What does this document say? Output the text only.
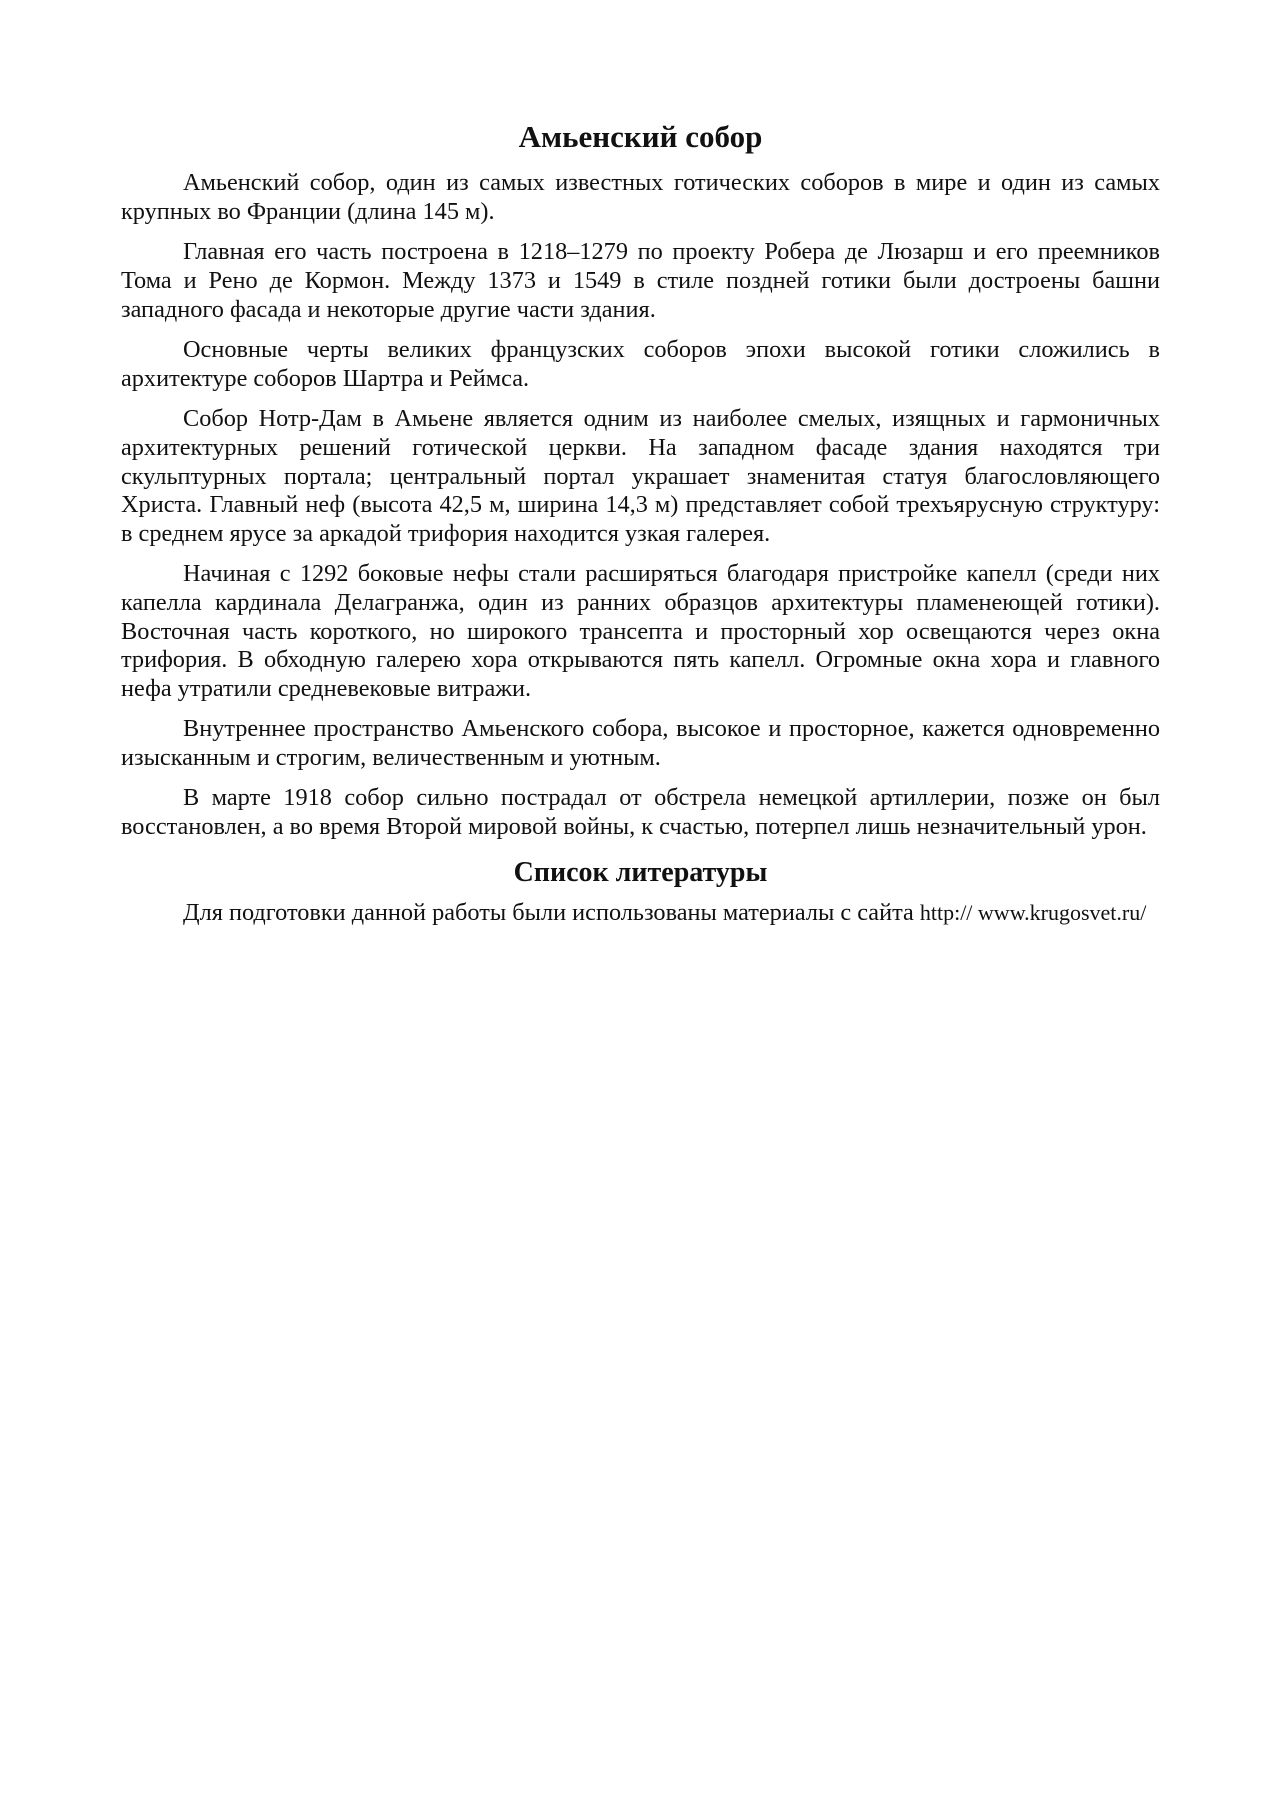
Амьенский собор

Амьенский собор, один из самых известных готических соборов в мире и один из самых крупных во Франции (длина 145 м).

Главная его часть построена в 1218–1279 по проекту Робера де Люзарш и его преемников Тома и Рено де Кормон. Между 1373 и 1549 в стиле поздней готики были достроены башни западного фасада и некоторые другие части здания.

Основные черты великих французских соборов эпохи высокой готики сложились в архитектуре соборов Шартра и Реймса.

Собор Нотр-Дам в Амьене является одним из наиболее смелых, изящных и гармоничных архитектурных решений готической церкви. На западном фасаде здания находятся три скульптурных портала; центральный портал украшает знаменитая статуя благословляющего Христа. Главный неф (высота 42,5 м, ширина 14,3 м) представляет собой трехъярусную структуру: в среднем ярусе за аркадой трифория находится узкая галерея.

Начиная с 1292 боковые нефы стали расширяться благодаря пристройке капелл (среди них капелла кардинала Делагранжа, один из ранних образцов архитектуры пламенеющей готики). Восточная часть короткого, но широкого трансепта и просторный хор освещаются через окна трифория. В обходную галерею хора открываются пять капелл. Огромные окна хора и главного нефа утратили средневековые витражи.

Внутреннее пространство Амьенского собора, высокое и просторное, кажется одновременно изысканным и строгим, величественным и уютным.

В марте 1918 собор сильно пострадал от обстрела немецкой артиллерии, позже он был восстановлен, а во время Второй мировой войны, к счастью, потерпел лишь незначительный урон.

Список литературы

Для подготовки данной работы были использованы материалы с сайта http:// www.krugosvet.ru/
